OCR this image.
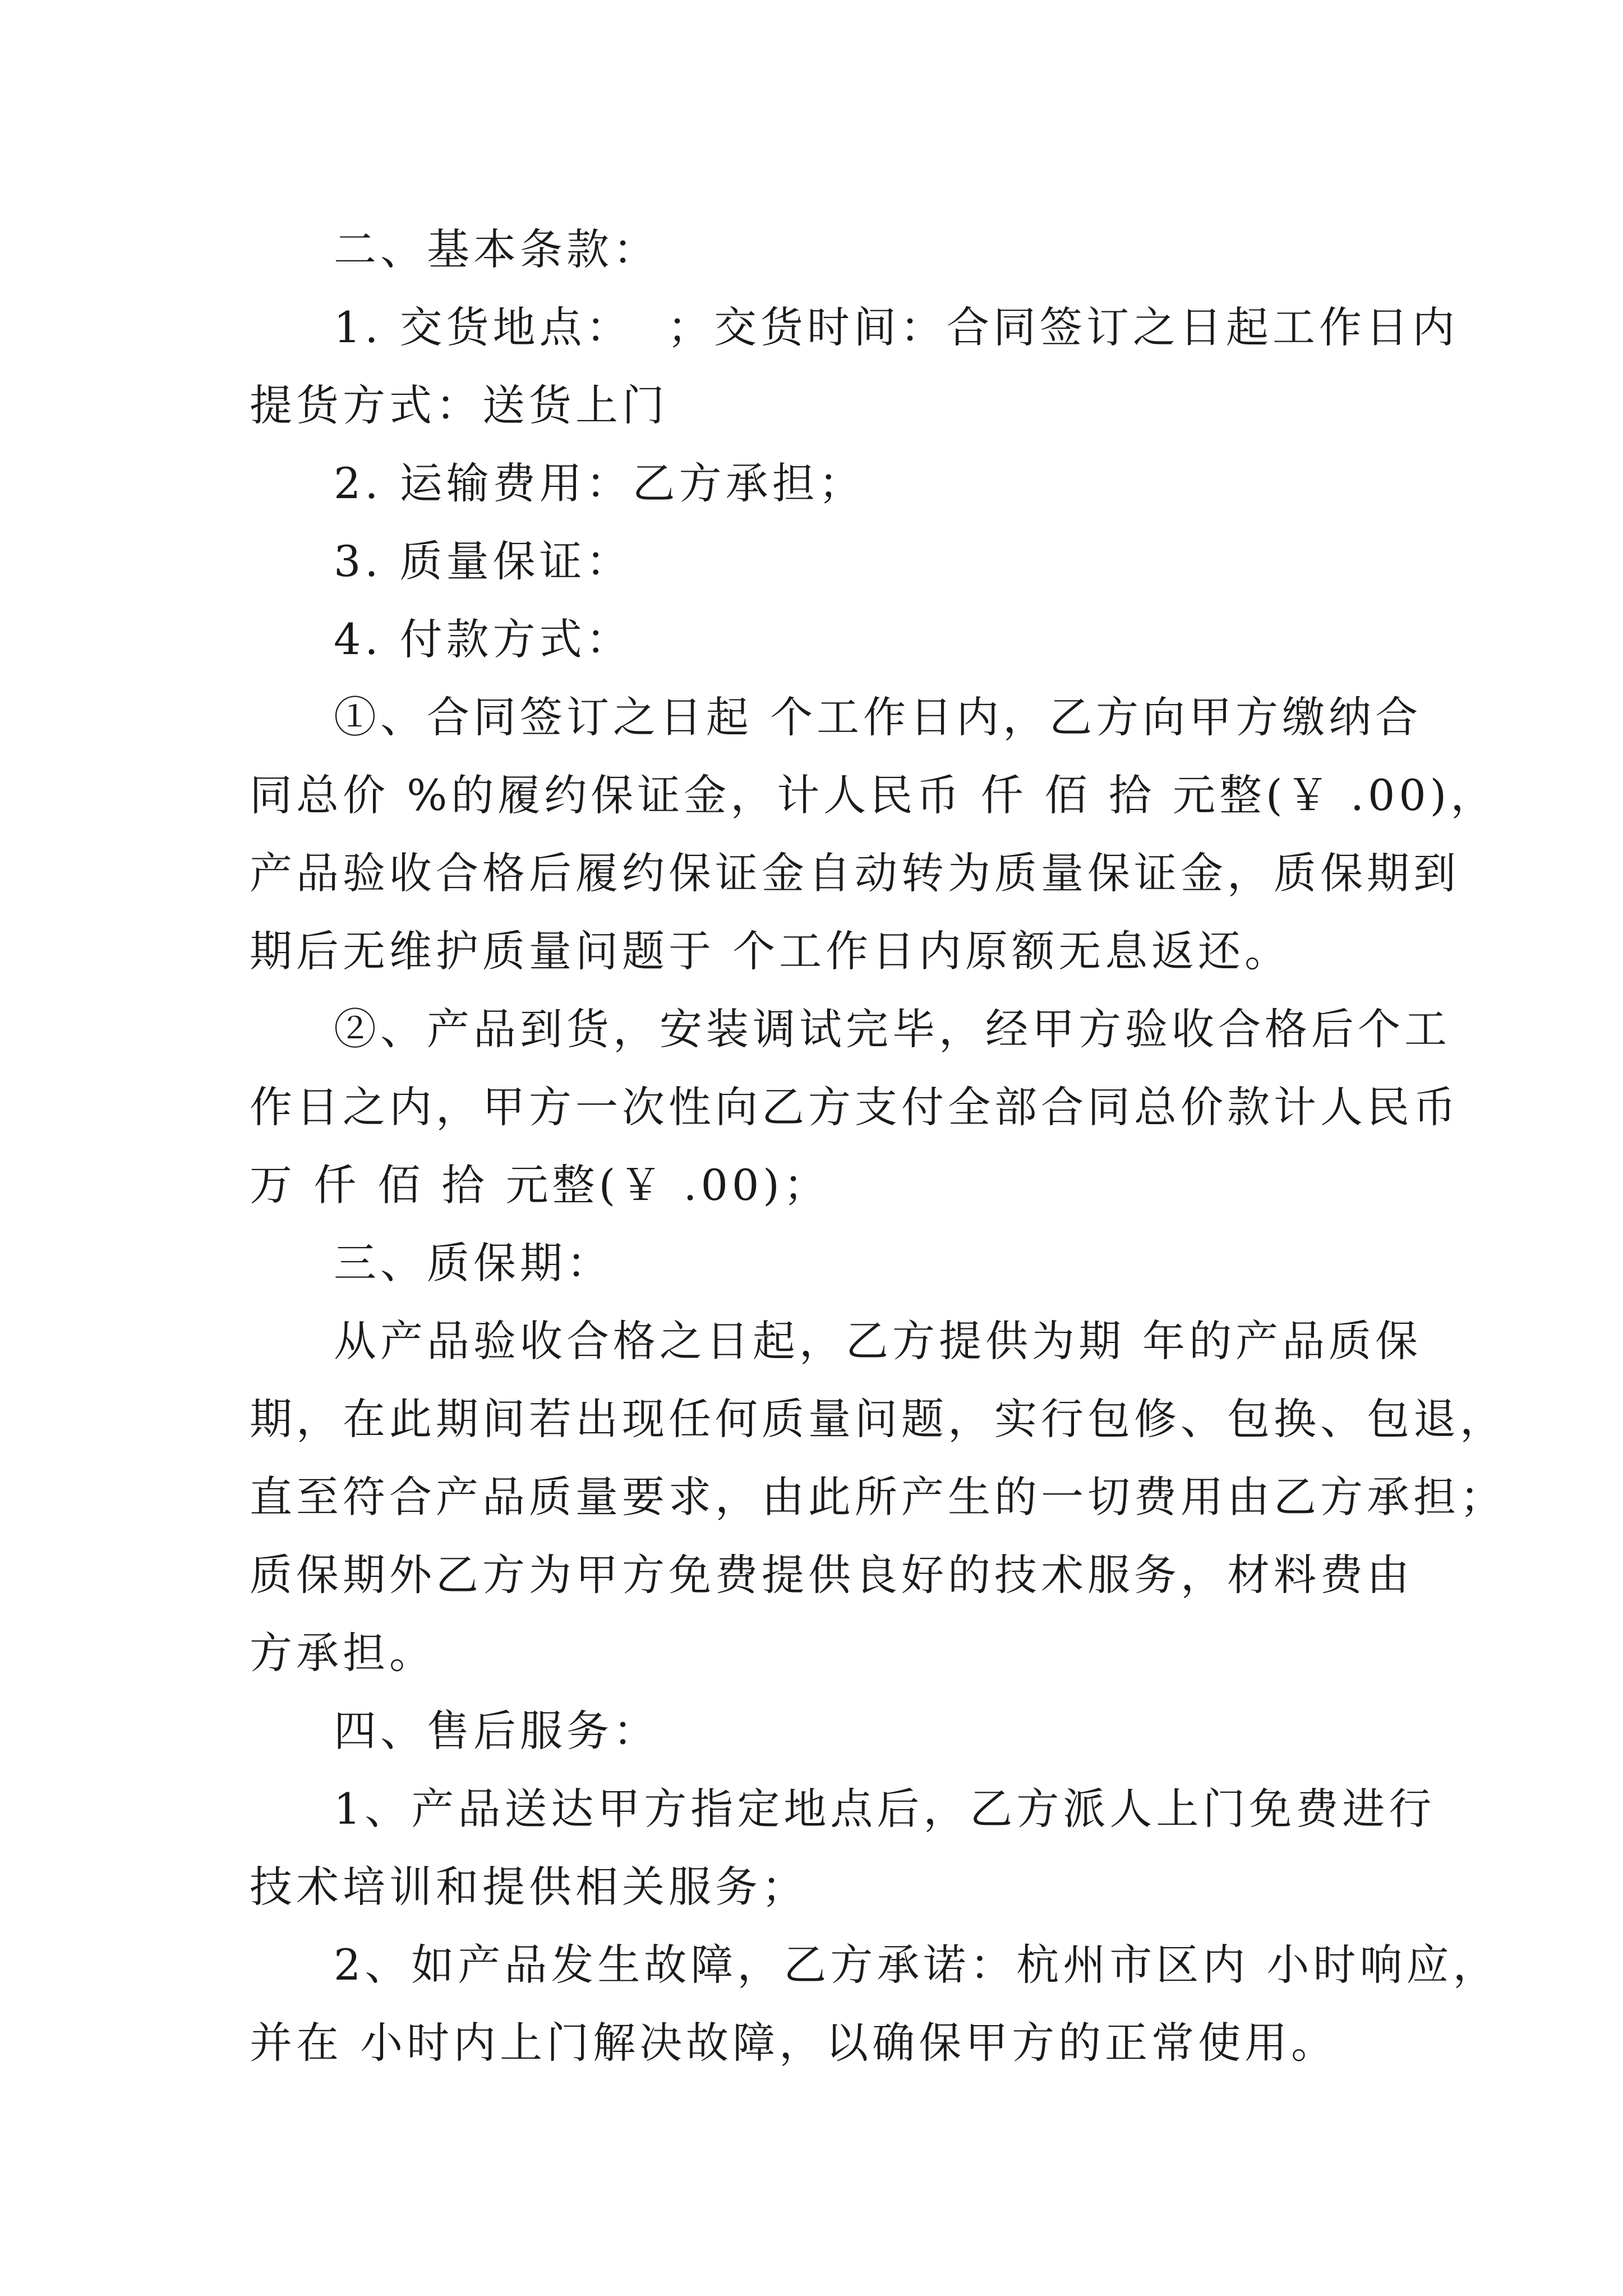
二、基本条款：
1. 交货地点：  ；交货时间：合同签订之日起工作日内
提货方式：送货上门
2. 运输费用：乙方承担；
3. 质量保证：
4. 付款方式：
①、合同签订之日起 个工作日内，乙方向甲方缴纳合
同总价 %的履约保证金，计人民币 仟 佰 拾 元整(￥ .00)，
产品验收合格后履约保证金自动转为质量保证金，质保期到
期后无维护质量问题于 个工作日内原额无息返还。
②、产品到货，安装调试完毕，经甲方验收合格后个工
作日之内，甲方一次性向乙方支付全部合同总价款计人民币
万 仟 佰 拾 元整(￥ .00)；
三、质保期：
从产品验收合格之日起，乙方提供为期 年的产品质保
期，在此期间若出现任何质量问题，实行包修、包换、包退，
直至符合产品质量要求，由此所产生的一切费用由乙方承担；
质保期外乙方为甲方免费提供良好的技术服务，材料费由
方承担。
四、售后服务：
1、产品送达甲方指定地点后，乙方派人上门免费进行
技术培训和提供相关服务；
2、如产品发生故障，乙方承诺：杭州市区内 小时响应，
并在 小时内上门解决故障，以确保甲方的正常使用。
